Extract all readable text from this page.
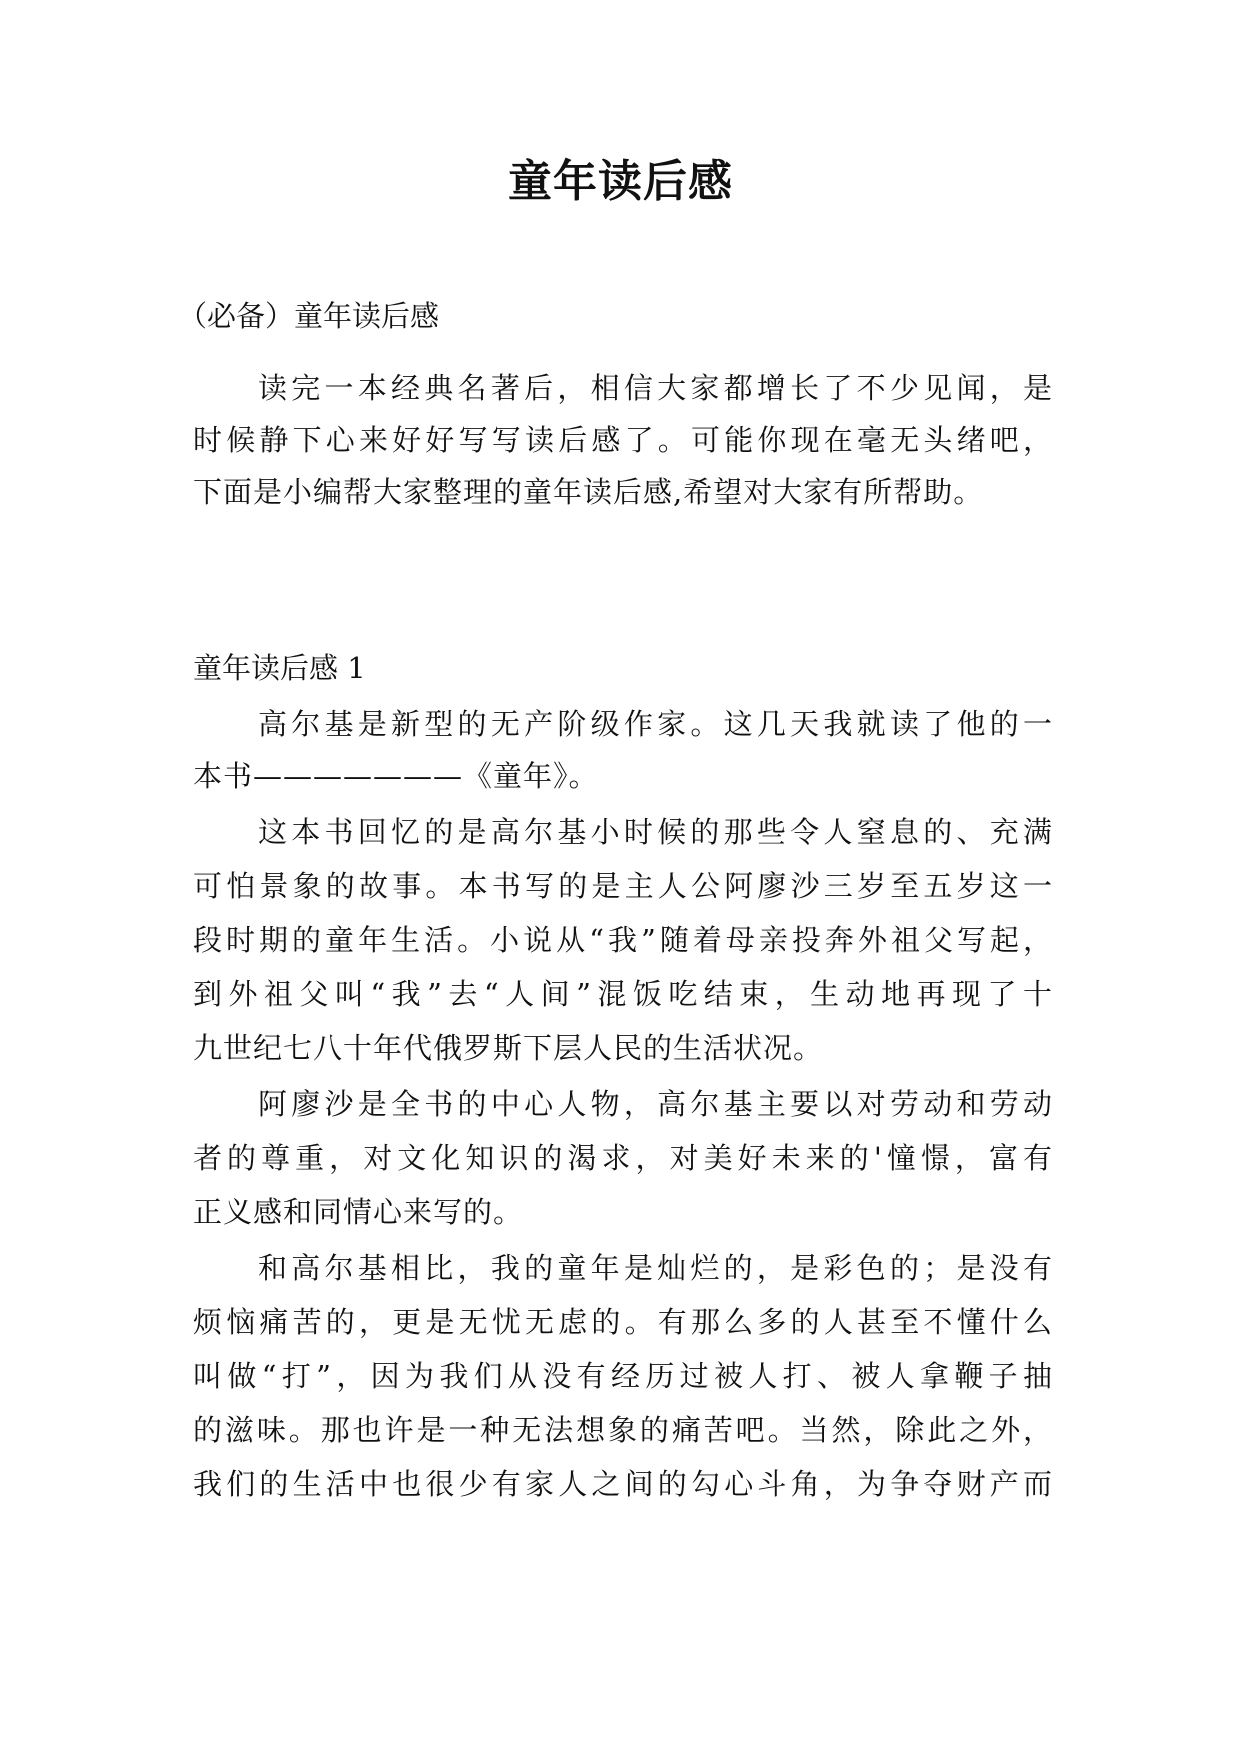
童年读后感

（必备）童年读后感

读完一本经典名著后，相信大家都增长了不少见闻，是

时候静下心来好好写写读后感了。可能你现在毫无头绪吧，

下面是小编帮大家整理的童年读后感,希望对大家有所帮助。

童年读后感 1

高尔基是新型的无产阶级作家。这几天我就读了他的一

本书———————《童年》。

这本书回忆的是高尔基小时候的那些令人窒息的、充满

可怕景象的故事。本书写的是主人公阿廖沙三岁至五岁这一

段时期的童年生活。小说从“我”随着母亲投奔外祖父写起，

到外祖父叫“我”去“人间”混饭吃结束，生动地再现了十

九世纪七八十年代俄罗斯下层人民的生活状况。

阿廖沙是全书的中心人物，高尔基主要以对劳动和劳动

者的尊重，对文化知识的渴求，对美好未来的'憧憬，富有

正义感和同情心来写的。

和高尔基相比，我的童年是灿烂的，是彩色的；是没有

烦恼痛苦的，更是无忧无虑的。有那么多的人甚至不懂什么

叫做“打”，因为我们从没有经历过被人打、被人拿鞭子抽

的滋味。那也许是一种无法想象的痛苦吧。当然，除此之外，

我们的生活中也很少有家人之间的勾心斗角，为争夺财产而
